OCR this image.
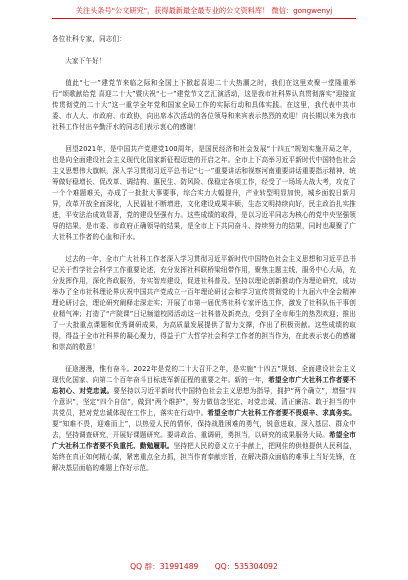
关注头条号"公文研究"，获得最新最全最专业的公文资料库！ 微信：gongwenyj

各位社科专家，同志们：

大家下午好！

值此“七一”建党节来临之际和全国上下掀起喜迎二十大热潮之时，我们在这里欢聚一堂隆重举行“颂歌献给党 喜迎二十大”暨庆祝“七一”建党节文艺汇演活动，这是我市社科界认真贯彻落实“迎接宣传贯彻党的二十大”这一重学全年党和国家全局工作的实际行动和具体实践。在这里，我代表中共市委、市人大、市政府、市政协，向出席本次活动的各位领导和来宾表示热烈的欢迎！向长期以来为我市社科工作付出辛勤汗水的同志们表示衷心的感谢！

回望2021年，是中国共产党建党100周年，是国民经济和社会发展“十四五”规划实施开局之年，也是向全面建设社会主义现代化国家新征程迈进的开启之年。全市上下高举习近平新时代中国特色社会主义思想伟大旗帜，深入学习贯彻习近平总书记“七一”重要讲话和视察河南重要讲话重要指示精神，统筹做好稳增长、促改革、调结构、惠民生、防风险、保稳定各项工作，经受了一场场大战大考，攻克了一个个难题难关，办成了一批批大事要事，综合实力大幅提升，产业转型明显加快，城乡面貌日新月异，改革开放全面深化，人民福祉不断增进，文化建设成果丰硕，生态文明持续向好，民主政治扎实推进，平安法治成效显著，党的建设坚强有力。这些成绩的取得，是以习近平同志为核心的党中央坚强领导的结果，是市委、市政府正确领导的结果，是全市上下共同奋斗、持续努力的结果，同时也凝聚了广大社科工作者的心血和汗水。

过去的一年，全市广大社科工作者深入学习贯彻习近平新时代中国特色社会主义思想和习近平总书记关于哲学社会科学工作重要论述，充分发挥社科联桥梁纽带作用，聚焦主题主线，服务中心大局，充分发挥作用，深化咨政服务，夯实智库建设，促进社科普及。坚持以理论创新推动作为理论研究，成功举办了全市社科理论界庆祝中国共产党成立一百年理论研讨会和学习宣传贯彻党的十九届六中全会精神理论研讨会，理论研究阐释走深走实；开展了市第一届优秀社科专家评选工作，激发了社科队伍干事创业精气神；打造了“产院课”日记频道校园活动这一社科普及新亮点，受到了全市师生的热烈欢迎；推出了一大批重点课题和优秀调研成果，为高质量发展提供了智力支撑，作出了积极贡献。这些成绩的取得，得益于全市社科界的凝心聚力，得益于广大哲学社会科学工作者的担当作为，在此表示衷心的感谢和崇高的敬意！

征途漫漫，惟有奋斗。2022年是党的二十大召开之年，是实施“十四五”规划、全面建设社会主义现代化国家、向第二个百年奋斗目标进军新征程的重要之年。新的一年，希望全市广大社科工作者要不忘初心、对党忠诚。要坚持以习近平新时代中国特色社会主义思想为指导，拥护“两个确立”，增强“四个意识”，坚定“四个自信”，做到“两个维护”，努力做信念坚定、对党忠诚、清正廉洁、敢于担当的中共党员，把对党忠诚体现在工作上，落实在行动中。希望全市广大社科工作者要不畏艰辛、求真务实。要“知难不畏，迎难而上”，以热爱人民的情怀，保持战胜困难的勇气，锐意进取，深入基层、群众中去，坚持调查研究，开展好课题研究。要讲政治、重调研，勇担当，以研究的成果服务大局。希望全市广大社科工作者要不负重托、勤勉履职。坚持把人民的意义立于丰献上，把网住的供他提供人民利益，始终在真正如何精心谋，紧密重点全力抓，担当作育奉献宗旨，在解决群众面临的难事上当好先锋，在解决基层面临的难题上作好示范。

QQ 群：31991489 QQ：535304092
